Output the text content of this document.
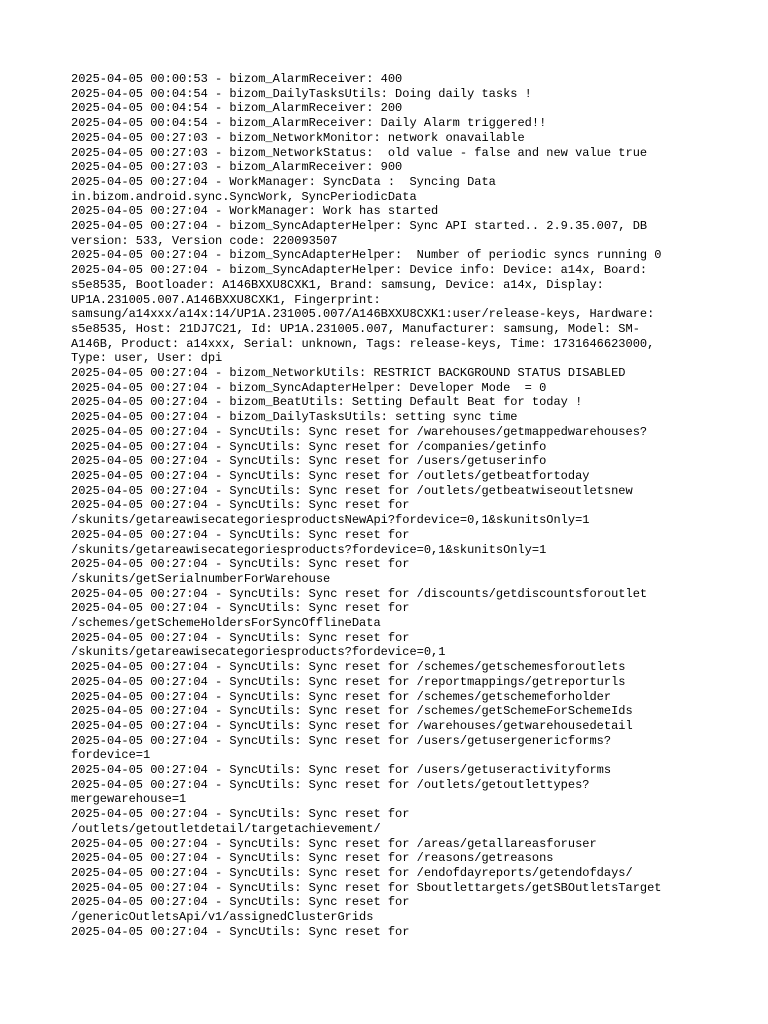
2025-04-05 00:00:53 - bizom_AlarmReceiver: 400
2025-04-05 00:04:54 - bizom_DailyTasksUtils: Doing daily tasks !
2025-04-05 00:04:54 - bizom_AlarmReceiver: 200
2025-04-05 00:04:54 - bizom_AlarmReceiver: Daily Alarm triggered!!
2025-04-05 00:27:03 - bizom_NetworkMonitor: network onavailable
2025-04-05 00:27:03 - bizom_NetworkStatus:  old value - false and new value true
2025-04-05 00:27:03 - bizom_AlarmReceiver: 900
2025-04-05 00:27:04 - WorkManager: SyncData :  Syncing Data
in.bizom.android.sync.SyncWork, SyncPeriodicData
2025-04-05 00:27:04 - WorkManager: Work has started
2025-04-05 00:27:04 - bizom_SyncAdapterHelper: Sync API started.. 2.9.35.007, DB
version: 533, Version code: 220093507
2025-04-05 00:27:04 - bizom_SyncAdapterHelper:  Number of periodic syncs running 0
2025-04-05 00:27:04 - bizom_SyncAdapterHelper: Device info: Device: a14x, Board:
s5e8535, Bootloader: A146BXXU8CXK1, Brand: samsung, Device: a14x, Display:
UP1A.231005.007.A146BXXU8CXK1, Fingerprint:
samsung/a14xxx/a14x:14/UP1A.231005.007/A146BXXU8CXK1:user/release-keys, Hardware:
s5e8535, Host: 21DJ7C21, Id: UP1A.231005.007, Manufacturer: samsung, Model: SM-
A146B, Product: a14xxx, Serial: unknown, Tags: release-keys, Time: 1731646623000,
Type: user, User: dpi
2025-04-05 00:27:04 - bizom_NetworkUtils: RESTRICT BACKGROUND STATUS DISABLED
2025-04-05 00:27:04 - bizom_SyncAdapterHelper: Developer Mode  = 0
2025-04-05 00:27:04 - bizom_BeatUtils: Setting Default Beat for today !
2025-04-05 00:27:04 - bizom_DailyTasksUtils: setting sync time
2025-04-05 00:27:04 - SyncUtils: Sync reset for /warehouses/getmappedwarehouses?
2025-04-05 00:27:04 - SyncUtils: Sync reset for /companies/getinfo
2025-04-05 00:27:04 - SyncUtils: Sync reset for /users/getuserinfo
2025-04-05 00:27:04 - SyncUtils: Sync reset for /outlets/getbeatfortoday
2025-04-05 00:27:04 - SyncUtils: Sync reset for /outlets/getbeatwiseoutletsnew
2025-04-05 00:27:04 - SyncUtils: Sync reset for
/skunits/getareawisecategoriesproductsNewApi?fordevice=0,1&skunitsOnly=1
2025-04-05 00:27:04 - SyncUtils: Sync reset for
/skunits/getareawisecategoriesproducts?fordevice=0,1&skunitsOnly=1
2025-04-05 00:27:04 - SyncUtils: Sync reset for
/skunits/getSerialnumberForWarehouse
2025-04-05 00:27:04 - SyncUtils: Sync reset for /discounts/getdiscountsforoutlet
2025-04-05 00:27:04 - SyncUtils: Sync reset for
/schemes/getSchemeHoldersForSyncOfflineData
2025-04-05 00:27:04 - SyncUtils: Sync reset for
/skunits/getareawisecategoriesproducts?fordevice=0,1
2025-04-05 00:27:04 - SyncUtils: Sync reset for /schemes/getschemesforoutlets
2025-04-05 00:27:04 - SyncUtils: Sync reset for /reportmappings/getreporturls
2025-04-05 00:27:04 - SyncUtils: Sync reset for /schemes/getschemeforholder
2025-04-05 00:27:04 - SyncUtils: Sync reset for /schemes/getSchemeForSchemeIds
2025-04-05 00:27:04 - SyncUtils: Sync reset for /warehouses/getwarehousedetail
2025-04-05 00:27:04 - SyncUtils: Sync reset for /users/getusergenericforms?
fordevice=1
2025-04-05 00:27:04 - SyncUtils: Sync reset for /users/getuseractivityforms
2025-04-05 00:27:04 - SyncUtils: Sync reset for /outlets/getoutlettypes?
mergewarehouse=1
2025-04-05 00:27:04 - SyncUtils: Sync reset for
/outlets/getoutletdetail/targetachievement/
2025-04-05 00:27:04 - SyncUtils: Sync reset for /areas/getallareasforuser
2025-04-05 00:27:04 - SyncUtils: Sync reset for /reasons/getreasons
2025-04-05 00:27:04 - SyncUtils: Sync reset for /endofdayreports/getendofdays/
2025-04-05 00:27:04 - SyncUtils: Sync reset for Sboutlettargets/getSBOutletsTarget
2025-04-05 00:27:04 - SyncUtils: Sync reset for
/genericOutletsApi/v1/assignedClusterGrids
2025-04-05 00:27:04 - SyncUtils: Sync reset for
